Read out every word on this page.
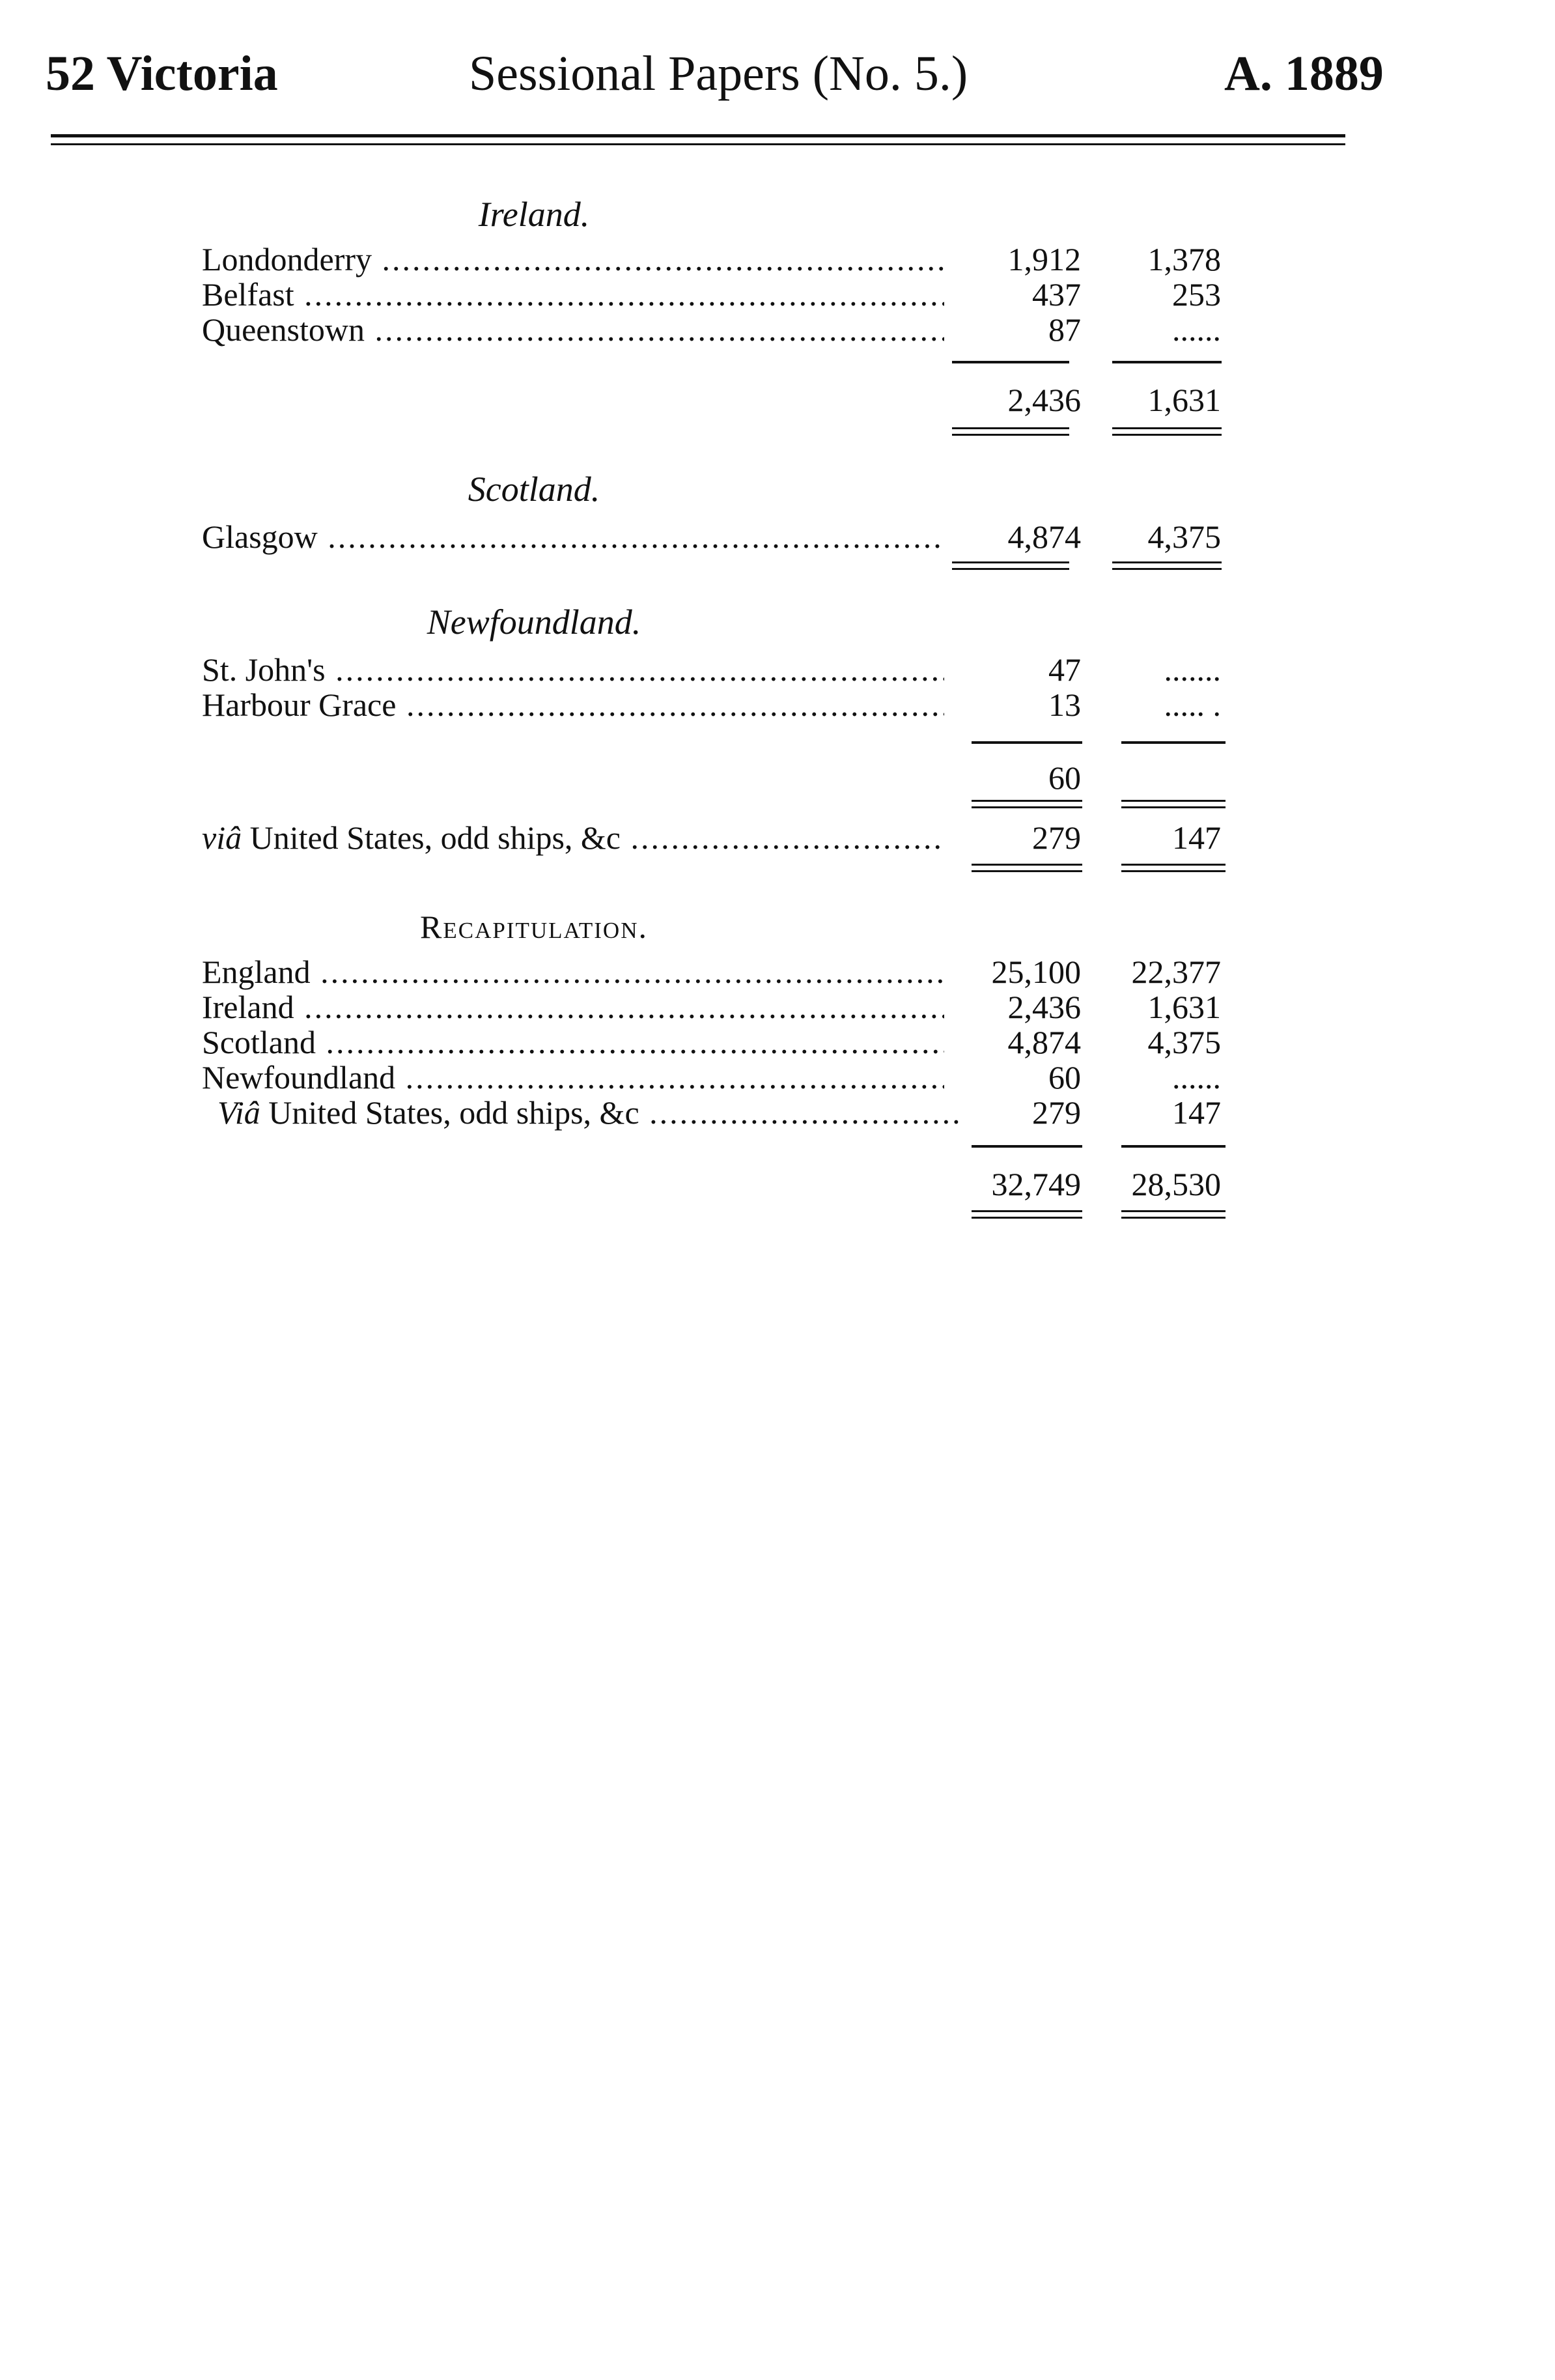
52 Victoria	Sessional Papers (No. 5.)	A. 1889
Ireland.
Londonderry .....	1,912	1,378
Belfast .....	437	253
Queenstown .....	87	......
2,436	1,631
Scotland.
Glasgow .....	4,874	4,375
Newfoundland.
St. John's .....	47	.......
Harbour Grace .....	13	..... .
60
viâ United States, odd ships, &c .....	279	147
Recapitulation.
England .....	25,100	22,377
Ireland .....	2,436	1,631
Scotland .....	4,874	4,375
Newfoundland .....	60	......
Viâ United States, odd ships, &c .....	279	147
32,749	28,530
